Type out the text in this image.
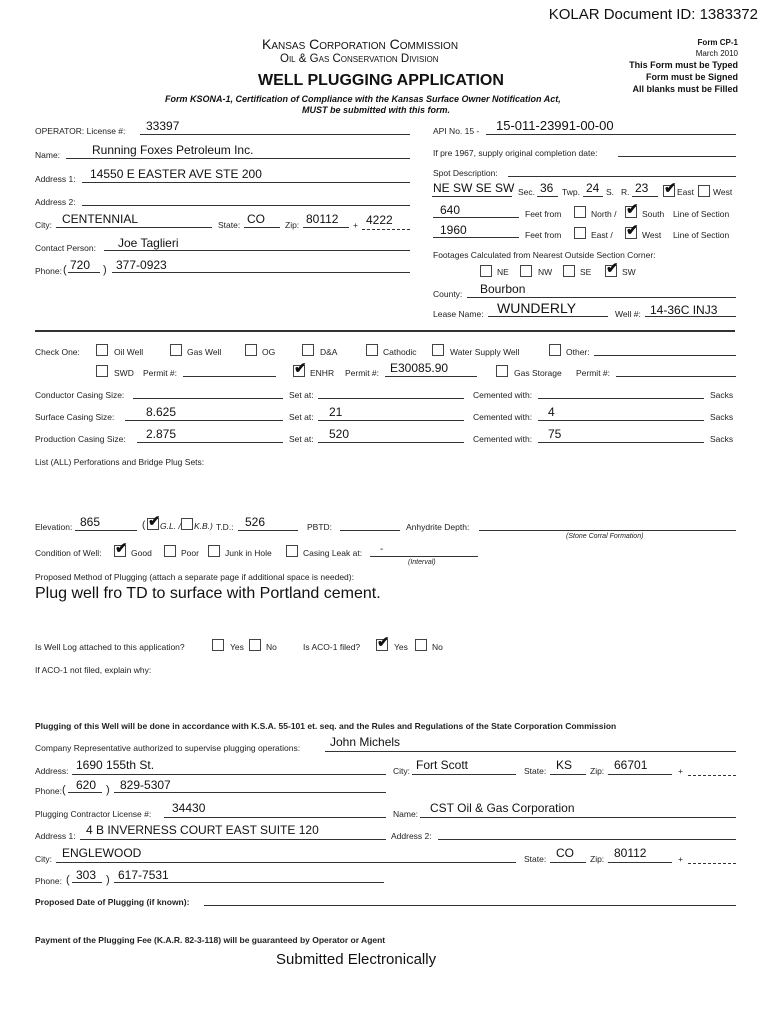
KOLAR Document ID: 1383372
Kansas Corporation Commission
Oil & Gas Conservation Division
WELL PLUGGING APPLICATION
Form KSONA-1, Certification of Compliance with the Kansas Surface Owner Notification Act,
MUST be submitted with this form.
Form CP-1
March 2010
This Form must be Typed
Form must be Signed
All blanks must be Filled
OPERATOR: License #: 33397
Name:	Running Foxes Petroleum Inc.
Address 1: 14550 E EASTER AVE STE 200
Address 2:
City: CENTENNIAL	State: CO Zip: 80112 + 4222
Contact Person: Joe Taglieri
Phone: ( 720 ) 377-0923
API No. 15 - 15-011-23991-00-00
If pre 1967, supply original completion date:
Spot Description:
NE SW SE SW Sec. 36 Twp. 24 S. R. 23 ✔ East West
640	Feet from	North / ✔ South Line of Section
1960	Feet from	East / ✔ West Line of Section
Footages Calculated from Nearest Outside Section Corner:
NE	NW	SE ✔ SW
County: Bourbon
Lease Name: WUNDERLY	Well #: 14-36C INJ3
Check One:	Oil Well	Gas Well	OG	D&A	Cathodic	Water Supply Well	Other:
SWD Permit #:	✔ ENHR Permit #: E30085.90	Gas Storage Permit #:
Conductor Casing Size:	Set at:	Cemented with:	Sacks
Surface Casing Size:	8.625	Set at: 21	Cemented with: 4	Sacks
Production Casing Size: 2.875	Set at: 520	Cemented with: 75	Sacks
List (ALL) Perforations and Bridge Plug Sets:
Elevation: 865	( ✔ G.L. / K.B.) T.D.: 526	PBTD:	Anhydrite Depth:
(Stone Corral Formation)
Condition of Well: ✔ Good	Poor	Junk in Hole	Casing Leak at: -
(Interval)
Proposed Method of Plugging (attach a separate page if additional space is needed):
Plug well fro TD to surface with Portland cement.
Is Well Log attached to this application?	Yes	No	Is ACO-1 filed? ✔ Yes	No
If ACO-1 not filed, explain why:
Plugging of this Well will be done in accordance with K.S.A. 55-101 et. seq. and the Rules and Regulations of the State Corporation Commission
Company Representative authorized to supervise plugging operations: John Michels
Address: 1690 155th St.	City: Fort Scott	State: KS Zip: 66701	+
Phone: ( 620 ) 829-5307
Plugging Contractor License #: 34430	Name: CST Oil & Gas Corporation
Address 1: 4 B INVERNESS COURT EAST SUITE 120	Address 2:
City: ENGLEWOOD	State: CO Zip: 80112	+
Phone: ( 303 ) 617-7531
Proposed Date of Plugging (if known):
Payment of the Plugging Fee (K.A.R. 82-3-118) will be guaranteed by Operator or Agent
Submitted Electronically
